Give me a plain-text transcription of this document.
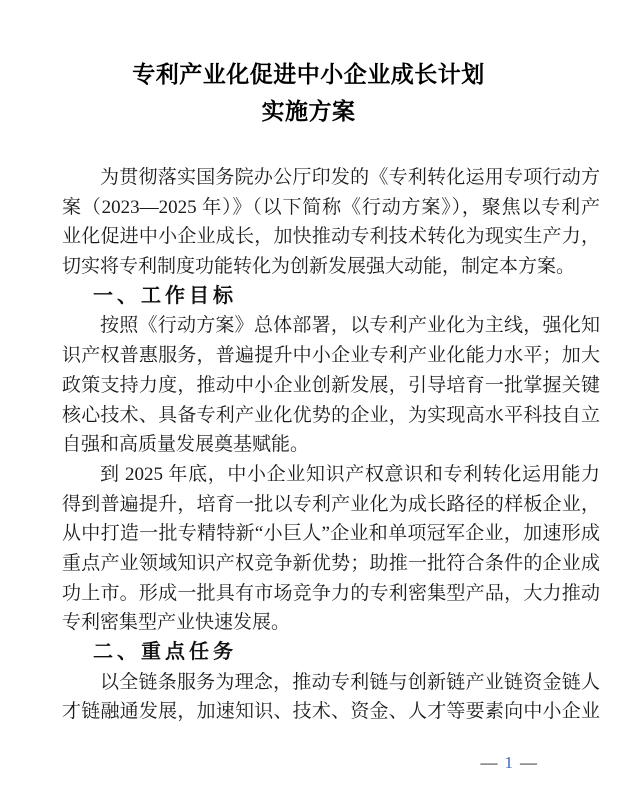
专利产业化促进中小企业成长计划
实施方案
为贯彻落实国务院办公厅印发的《专利转化运用专项行动方
案（2023—2025 年）》（以下简称《行动方案》），聚焦以专利产
业化促进中小企业成长，加快推动专利技术转化为现实生产力，
切实将专利制度功能转化为创新发展强大动能，制定本方案。
一、工作目标
按照《行动方案》总体部署，以专利产业化为主线，强化知
识产权普惠服务，普遍提升中小企业专利产业化能力水平；加大
政策支持力度，推动中小企业创新发展，引导培育一批掌握关键
核心技术、具备专利产业化优势的企业，为实现高水平科技自立
自强和高质量发展奠基赋能。
到 2025 年底，中小企业知识产权意识和专利转化运用能力
得到普遍提升，培育一批以专利产业化为成长路径的样板企业，
从中打造一批专精特新“小巨人”企业和单项冠军企业，加速形成
重点产业领域知识产权竞争新优势；助推一批符合条件的企业成
功上市。形成一批具有市场竞争力的专利密集型产品，大力推动
专利密集型产业快速发展。
二、重点任务
以全链条服务为理念，推动专利链与创新链产业链资金链人
才链融通发展，加速知识、技术、资金、人才等要素向中小企业
— 1 —
